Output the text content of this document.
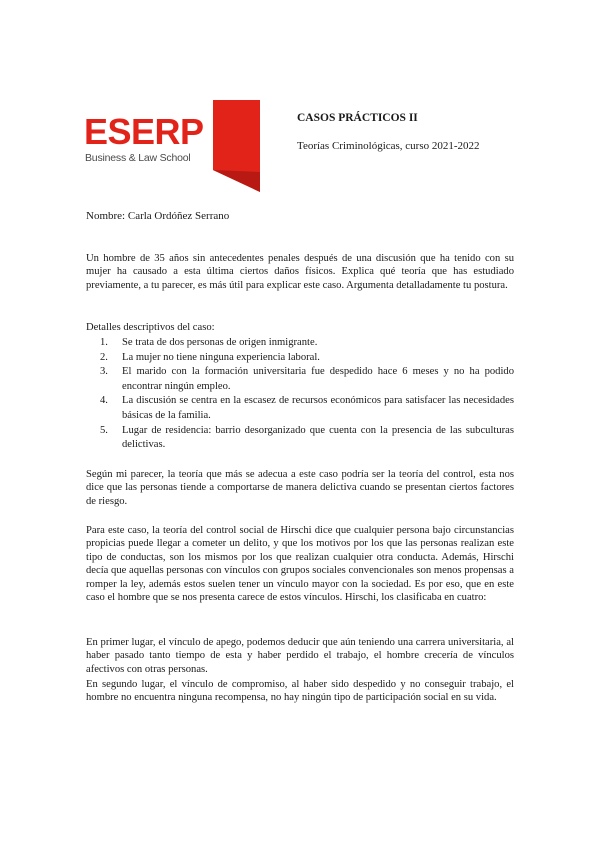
ESERP
Business & Law School

CASOS PRÁCTICOS II

Teorías Criminológicas, curso 2021-2022

Nombre: Carla Ordóñez Serrano

Un hombre de 35 años sin antecedentes penales después de una discusión que ha tenido con su mujer ha causado a esta última ciertos daños físicos. Explica qué teoría que has estudiado previamente, a tu parecer, es más útil para explicar este caso. Argumenta detalladamente tu postura.

Detalles descriptivos del caso:
1. Se trata de dos personas de origen inmigrante.
2. La mujer no tiene ninguna experiencia laboral.
3. El marido con la formación universitaria fue despedido hace 6 meses y no ha podido encontrar ningún empleo.
4. La discusión se centra en la escasez de recursos económicos para satisfacer las necesidades básicas de la familia.
5. Lugar de residencia: barrio desorganizado que cuenta con la presencia de las subculturas delictivas.

Según mi parecer, la teoría que más se adecua a este caso podría ser la teoría del control, esta nos dice que las personas tiende a comportarse de manera delictiva cuando se presentan ciertos factores de riesgo.

Para este caso, la teoría del control social de Hirschi dice que cualquier persona bajo circunstancias propicias puede llegar a cometer un delito, y que los motivos por los que las personas realizan este tipo de conductas, son los mismos por los que realizan cualquier otra conducta. Además, Hirschi decía que aquellas personas con vínculos con grupos sociales convencionales son menos propensas a romper la ley, además estos suelen tener un vínculo mayor con la sociedad. Es por eso, que en este caso el hombre que se nos presenta carece de estos vínculos. Hirschi, los clasificaba en cuatro:

En primer lugar, el vínculo de apego, podemos deducir que aún teniendo una carrera universitaria, al haber pasado tanto tiempo de esta y haber perdido el trabajo, el hombre crecería de vínculos afectivos con otras personas.

En segundo lugar, el vínculo de compromiso, al haber sido despedido y no conseguir trabajo, el hombre no encuentra ninguna recompensa, no hay ningún tipo de participación social en su vida.
